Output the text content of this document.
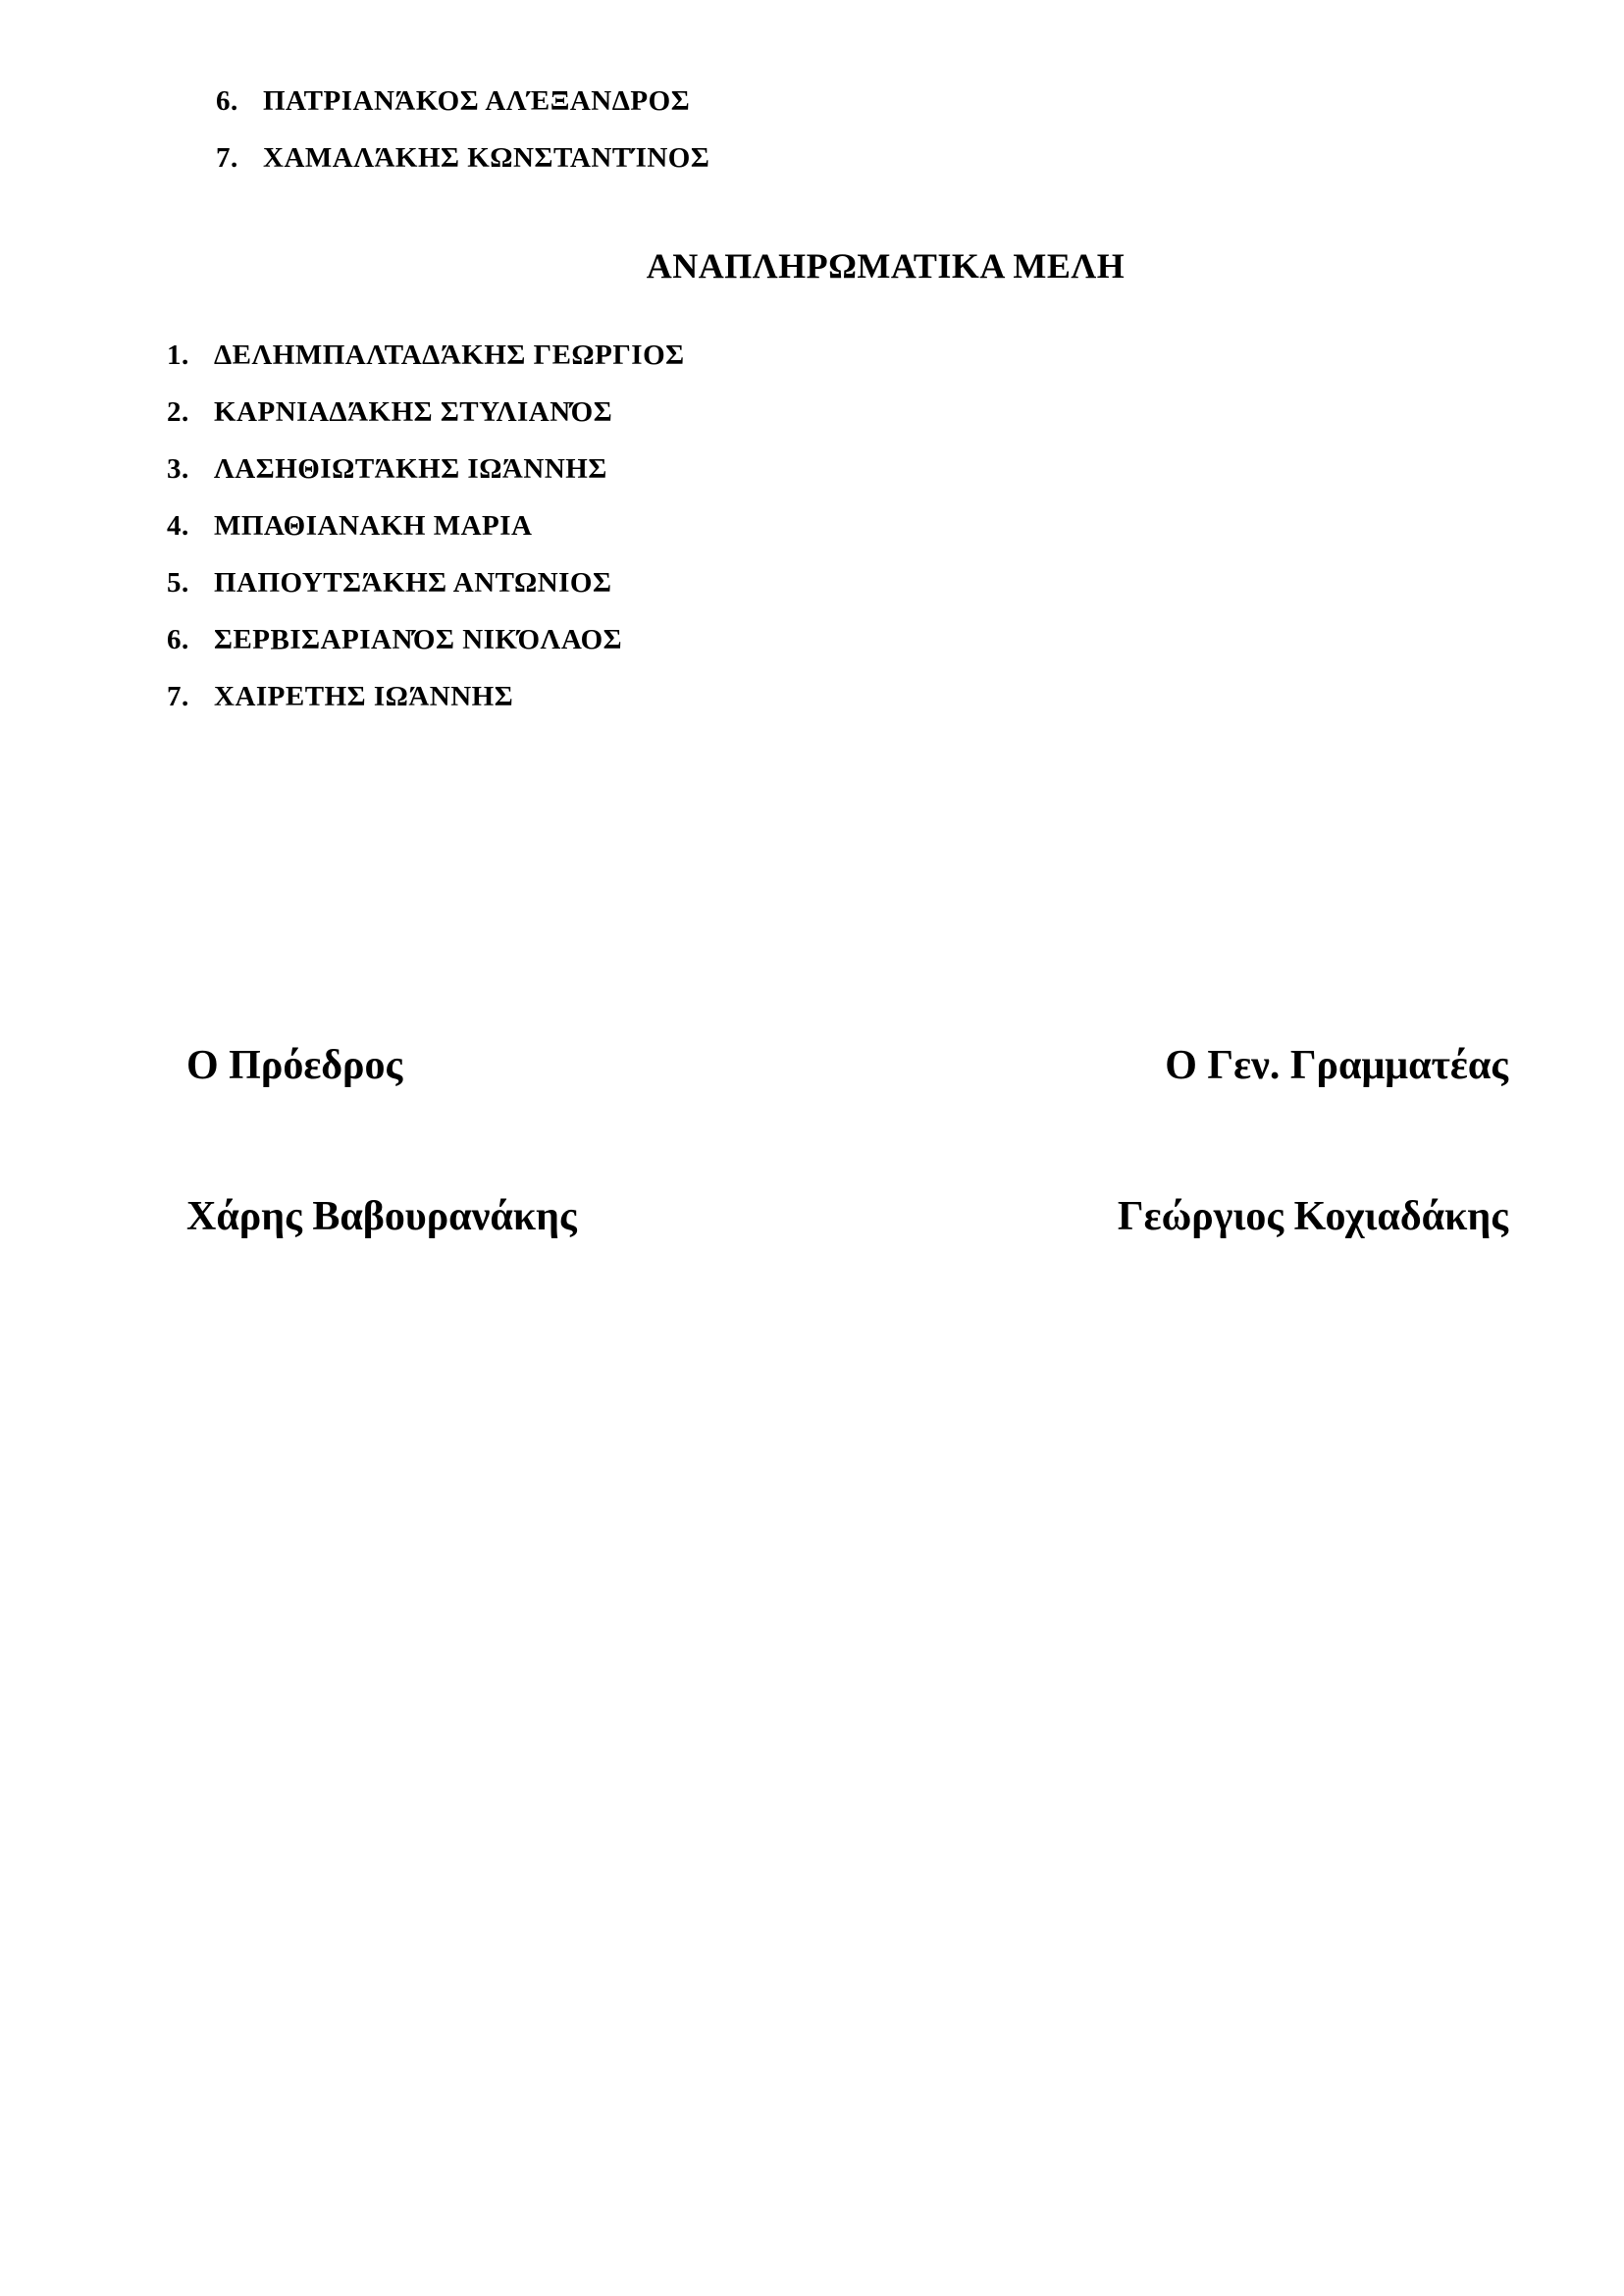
6. ΠΑΤΡΙΑΝΆΚΟΣ ΑΛΈΞΑΝΔΡΟΣ
7. ΧΑΜΑΛΆΚΗΣ ΚΩΝΣΤΑΝΤΊΝΟΣ
ΑΝΑΠΛΗΡΩΜΑΤΙΚΑ ΜΕΛΗ
1. ΔΕΛΗΜΠΑΛΤΑΔΆΚΗΣ ΓΕΩΡΓΙΟΣ
2. ΚΑΡΝΙΑΔΆΚΗΣ ΣΤΥΛΙΑΝΌΣ
3. ΛΑΣΗΘΙΩΤΆΚΗΣ ΙΩΆΝΝΗΣ
4. ΜΠΑΘΙΑΝΑΚΗ ΜΑΡΙΑ
5. ΠΑΠΟΥΤΣΆΚΗΣ ΑΝΤΩΝΙΟΣ
6. ΣΕΡΒΙΣΑΡΙΑΝΌΣ ΝΙΚΌΛΑΟΣ
7. ΧΑΙΡΕΤΗΣ ΙΩΆΝΝΗΣ
Ο Πρόεδρος
Χάρης Βαβουρανάκης
Ο Γεν. Γραμματέας
Γεώργιος Κοχιαδάκης
